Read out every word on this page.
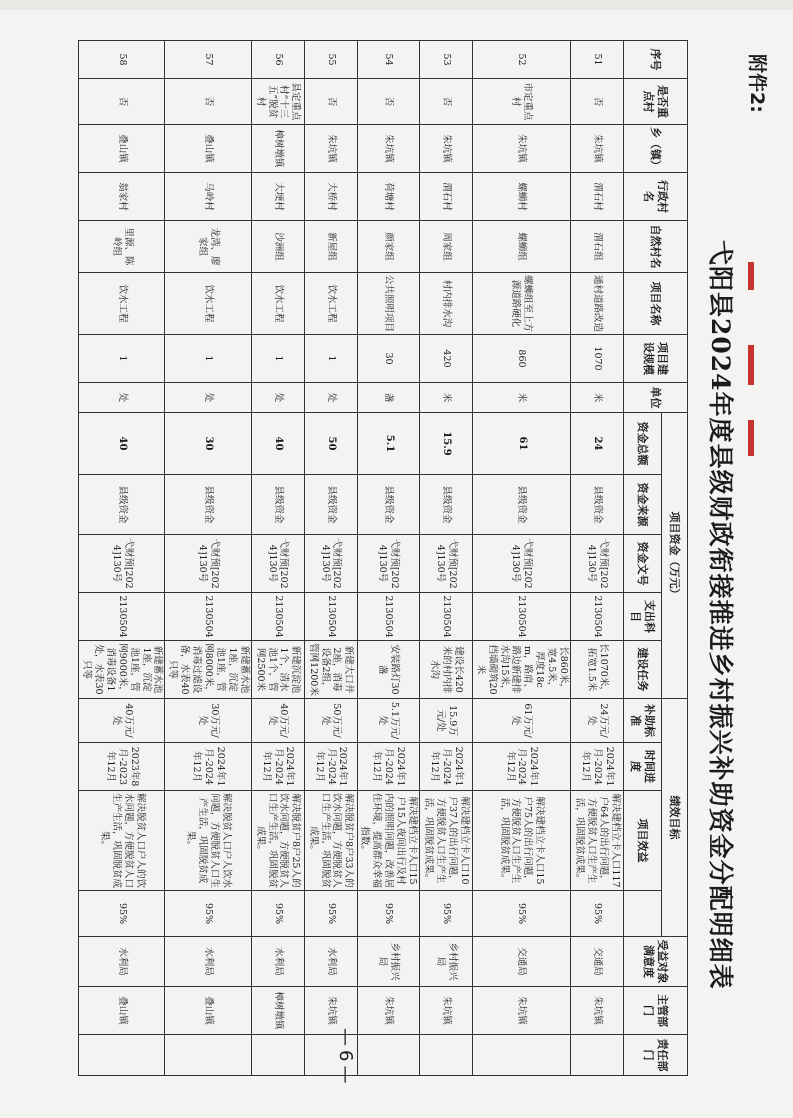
附件2:
弋阳县2024年度县级财政衔接推进乡村振兴补助资金分配明细表
序号	是否重点村	乡（镇）	行政村名	自然村名	项目名称	项目建设规模	单位	项目资金（万元）					绩效目标				受益对象满意度	主管部门	责任部门	
								资金总额	资金来源	资金文号	支出科目	建设任务	补助标准	时间进度	项目效益					
51	否	朱坑镇	渭石村	渭石组	通村道路改造	1070	米	24	县级资金	弋财预[2024]130号	2130504	长1070米，拓宽1.5米	24万元/处	2024年1月-2024年12月	解决建档立卡人口117户64人的出行问题，方便脱贫人口生产生活，巩固脱贫成果。	95%	交通局	朱坑镇		
52	市定重点村	朱坑镇	螺蛳村	螺蛳组	螺蛳组至上方源道路硬化	860	米	61	县级资金	弋财预[2024]130号	2130504	长860米，宽4.5米，厚度18cm，路肩、路边新建排水沟15米，挡墙砌筑20米	61万元/处	2024年1月-2024年12月	解决建档立卡人口15户75人的出行问题，方便脱贫人口生产生活，巩固脱贫成果。	95%	交通局	朱坑镇		
53	否	朱坑镇	渭石村	周家组	村内排水沟	420	米	15.9	县级资金	弋财预[2024]130号	2130504	建设长420米的村内排水沟	15.9万元/处	2024年1月-2024年12月	解决建档立卡人口10户37人的出行问题，方便脱贫人口生产生活，巩固脱贫成果。	95%	乡村振兴局	朱坑镇		
54	否	朱坑镇	荷塘村	颜家组	公共照明项目	30	盏	5.1	县级资金	弋财预[2024]130号	2130504	安装路灯30盏	5.1万元/处	2024年1月-2024年12月	解决建档立卡人口15户15人夜间出行及村内的照明问题，改善居住环境，提高群众幸福指数。	95%	乡村振兴局	朱坑镇		
55	否	朱坑镇	大桥村	新屋组	饮水工程	1	处	50	县级资金	弋财预[2024]130号	2130504	新建大口井2座，消毒设备2组，管网1200米	50万元/处	2024年1月-2024年12月	解决脱贫户8户33人的饮水问题，方便脱贫人口生产生活，巩固脱贫成果。	95%	水利局	朱坑镇		
56	县定重点村“十三五”脱贫村	樟树墩镇	大埂村	沙洲组	饮水工程	1	处	40	县级资金	弋财预[2024]130号	2130504	新建沉淀池1个，清水池1个，管网2500米	40万元/处	2024年1月-2024年12月	解决脱贫户8户25人的饮水问题，方便脱贫人口生产生活，巩固脱贫成果。	95%	水利局	樟树墩镇		
57	否	叠山镇	马岭村	龙湾、廖家组	饮水工程	1	处	30	县级资金	弋财预[2024]130号	2130504	新建蓄水池1座，沉淀池1座，管网8000米，消毒过滤设备，水表40只等	30万元/处	2024年1月-2024年12月	解决脱贫人口户人饮水问题，方便脱贫人口生产生活，巩固脱贫成果。	95%	水利局	叠山镇		
58	否	叠山镇	翁家村	里源、陈岭组	饮水工程	1	处	40	县级资金	弋财预[2024]130号	2130504	新建蓄水池1座，沉淀池1座，管网9000米，消毒设备1处，水表30只等	40万元/处	2023年8月-2023年12月	解决脱贫人口户人的饮水问题，方便脱贫人口生产生活，巩固脱贫成果。	95%	水利局	叠山镇		
—6—
